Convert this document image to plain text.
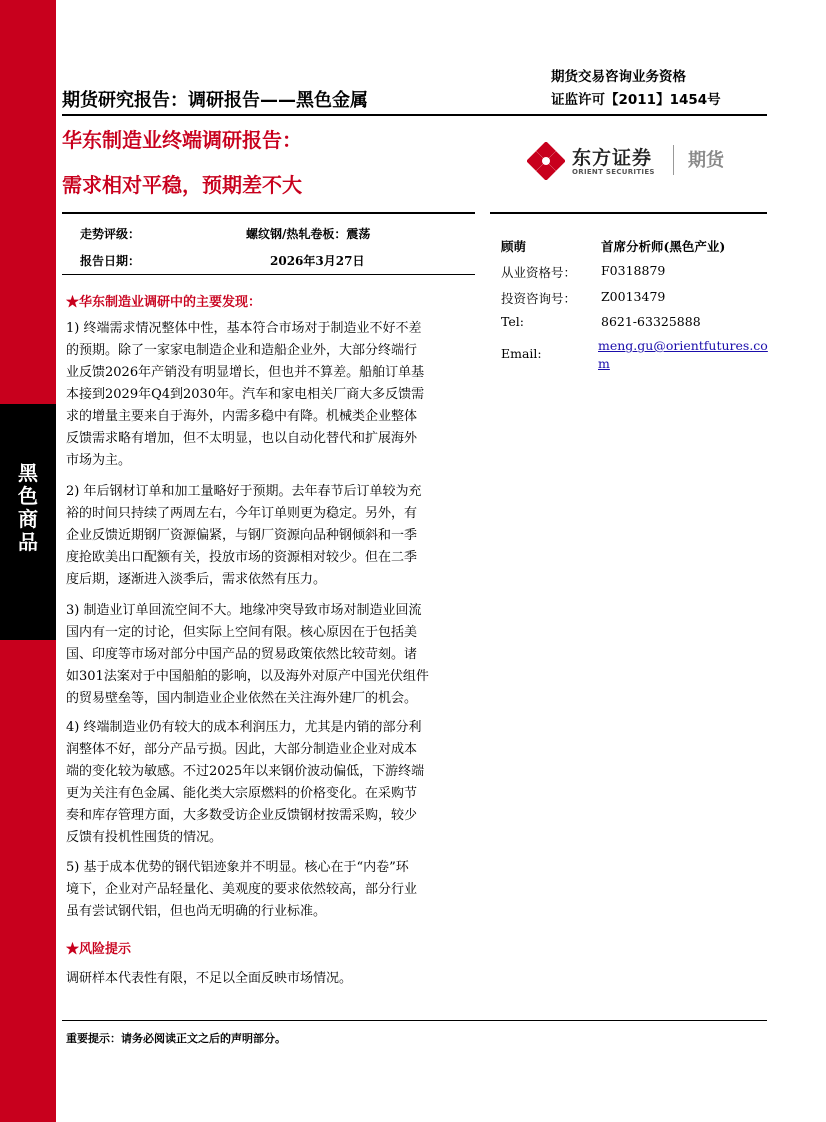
黑
色
商
品
期货研究报告：调研报告——黑色金属
期货交易咨询业务资格
证监许可【2011】1454号
华东制造业终端调研报告：
需求相对平稳，预期差不大
东方证券
ORIENT SECURITIES
期货
走势评级：	螺纹钢/热轧卷板：震荡
报告日期：	2026年3月27日
顾萌	首席分析师(黑色产业)
从业资格号： F0318879
投资咨询号： Z0013479
Tel:	8621-63325888
Email:
meng.gu@orientfutures.co
m
★华东制造业调研中的主要发现：
1) 终端需求情况整体中性，基本符合市场对于制造业不好不差
的预期。除了一家家电制造企业和造船企业外，大部分终端行
业反馈2026年产销没有明显增长，但也并不算差。船舶订单基
本接到2029年Q4到2030年。汽车和家电相关厂商大多反馈需
求的增量主要来自于海外，内需多稳中有降。机械类企业整体
反馈需求略有增加，但不太明显，也以自动化替代和扩展海外
市场为主。
2) 年后钢材订单和加工量略好于预期。去年春节后订单较为充
裕的时间只持续了两周左右，今年订单则更为稳定。另外，有
企业反馈近期钢厂资源偏紧，与钢厂资源向品种钢倾斜和一季
度抢欧美出口配额有关，投放市场的资源相对较少。但在二季
度后期，逐渐进入淡季后，需求依然有压力。
3) 制造业订单回流空间不大。地缘冲突导致市场对制造业回流
国内有一定的讨论，但实际上空间有限。核心原因在于包括美
国、印度等市场对部分中国产品的贸易政策依然比较苛刻。诸
如301法案对于中国船舶的影响，以及海外对原产中国光伏组件
的贸易壁垒等，国内制造业企业依然在关注海外建厂的机会。
4) 终端制造业仍有较大的成本利润压力，尤其是内销的部分利
润整体不好，部分产品亏损。因此，大部分制造业企业对成本
端的变化较为敏感。不过2025年以来钢价波动偏低，下游终端
更为关注有色金属、能化类大宗原燃料的价格变化。在采购节
奏和库存管理方面，大多数受访企业反馈钢材按需采购，较少
反馈有投机性囤货的情况。
5) 基于成本优势的钢代铝迹象并不明显。核心在于“内卷”环
境下，企业对产品轻量化、美观度的要求依然较高，部分行业
虽有尝试钢代铝，但也尚无明确的行业标准。
★风险提示
调研样本代表性有限，不足以全面反映市场情况。
重要提示：请务必阅读正文之后的声明部分。
